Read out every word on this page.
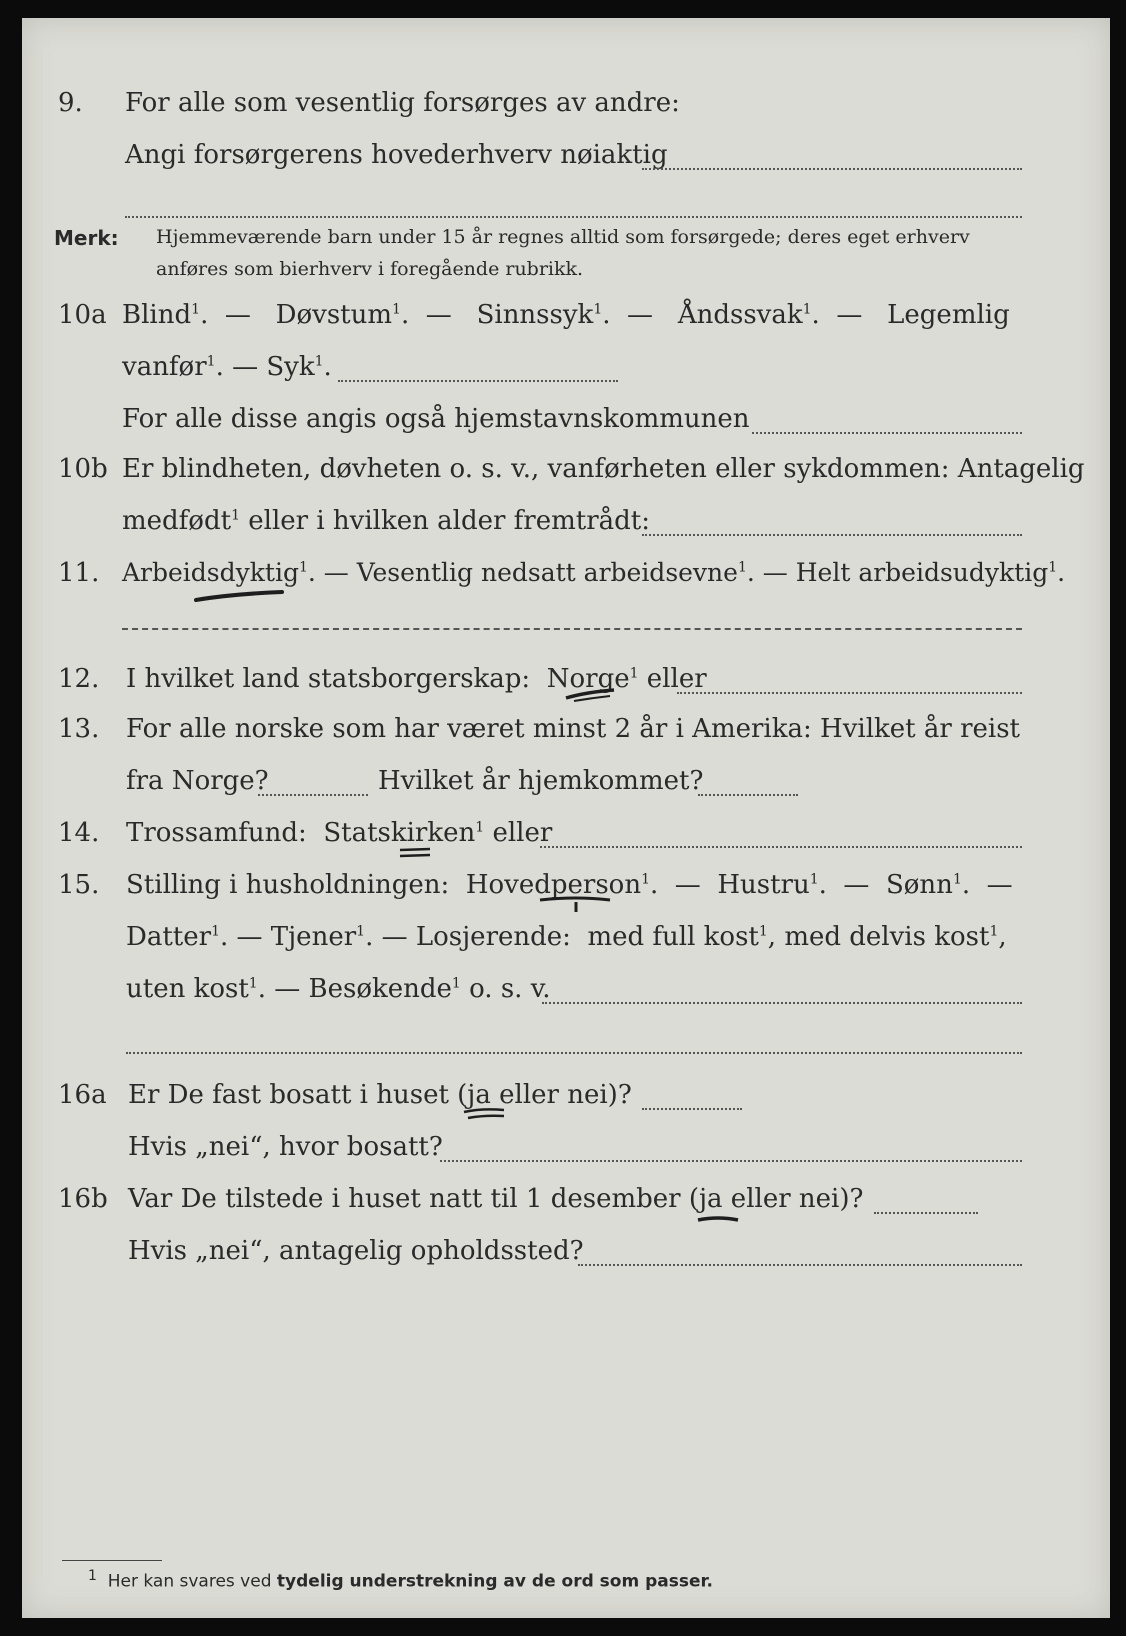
9. For alle som vesentlig forsørges av andre:
Angi forsørgerens hovederhverv nøiaktig
Merk: Hjemmeværende barn under 15 år regnes alltid som forsørgede; deres eget erhverv
anføres som bierhverv i foregående rubrikk.
10a Blind$^1$.  —   Døvstum$^1$.  —   Sinnssyk$^1$.  —   Åndssvak$^1$.  —   Legemlig
vanfør$^1$. — Syk$^1$.
For alle disse angis også hjemstavnskommunen
10b Er blindheten, døvheten o. s. v., vanførheten eller sykdommen: Antagelig
medfødt$^1$ eller i hvilken alder fremtrådt:
11. Arbeidsdyktig$^1$. — Vesentlig nedsatt arbeidsevne$^1$. — Helt arbeidsudyktig$^1$.
12. I hvilket land statsborgerskap: Norge$^1$ eller
13. For alle norske som har været minst 2 år i Amerika: Hvilket år reist
fra Norge?	Hvilket år hjemkommet?
14. Trossamfund: Statskirken$^1$ eller
15. Stilling i husholdningen: Hovedperson$^1$.  —  Hustru$^1$.  —  Sønn$^1$.  —
Datter$^1$. — Tjener$^1$. — Losjerende: med full kost$^1$, med delvis kost$^1$,
uten kost$^1$. — Besøkende$^1$ o. s. v.
16a Er De fast bosatt i huset (ja eller nei)?
Hvis „nei“, hvor bosatt?
16b Var De tilstede i huset natt til 1 desember (ja eller nei)?
Hvis „nei“, antagelig opholdssted?
$^1$ Her kan svares ved tydelig understrekning av de ord som passer.
